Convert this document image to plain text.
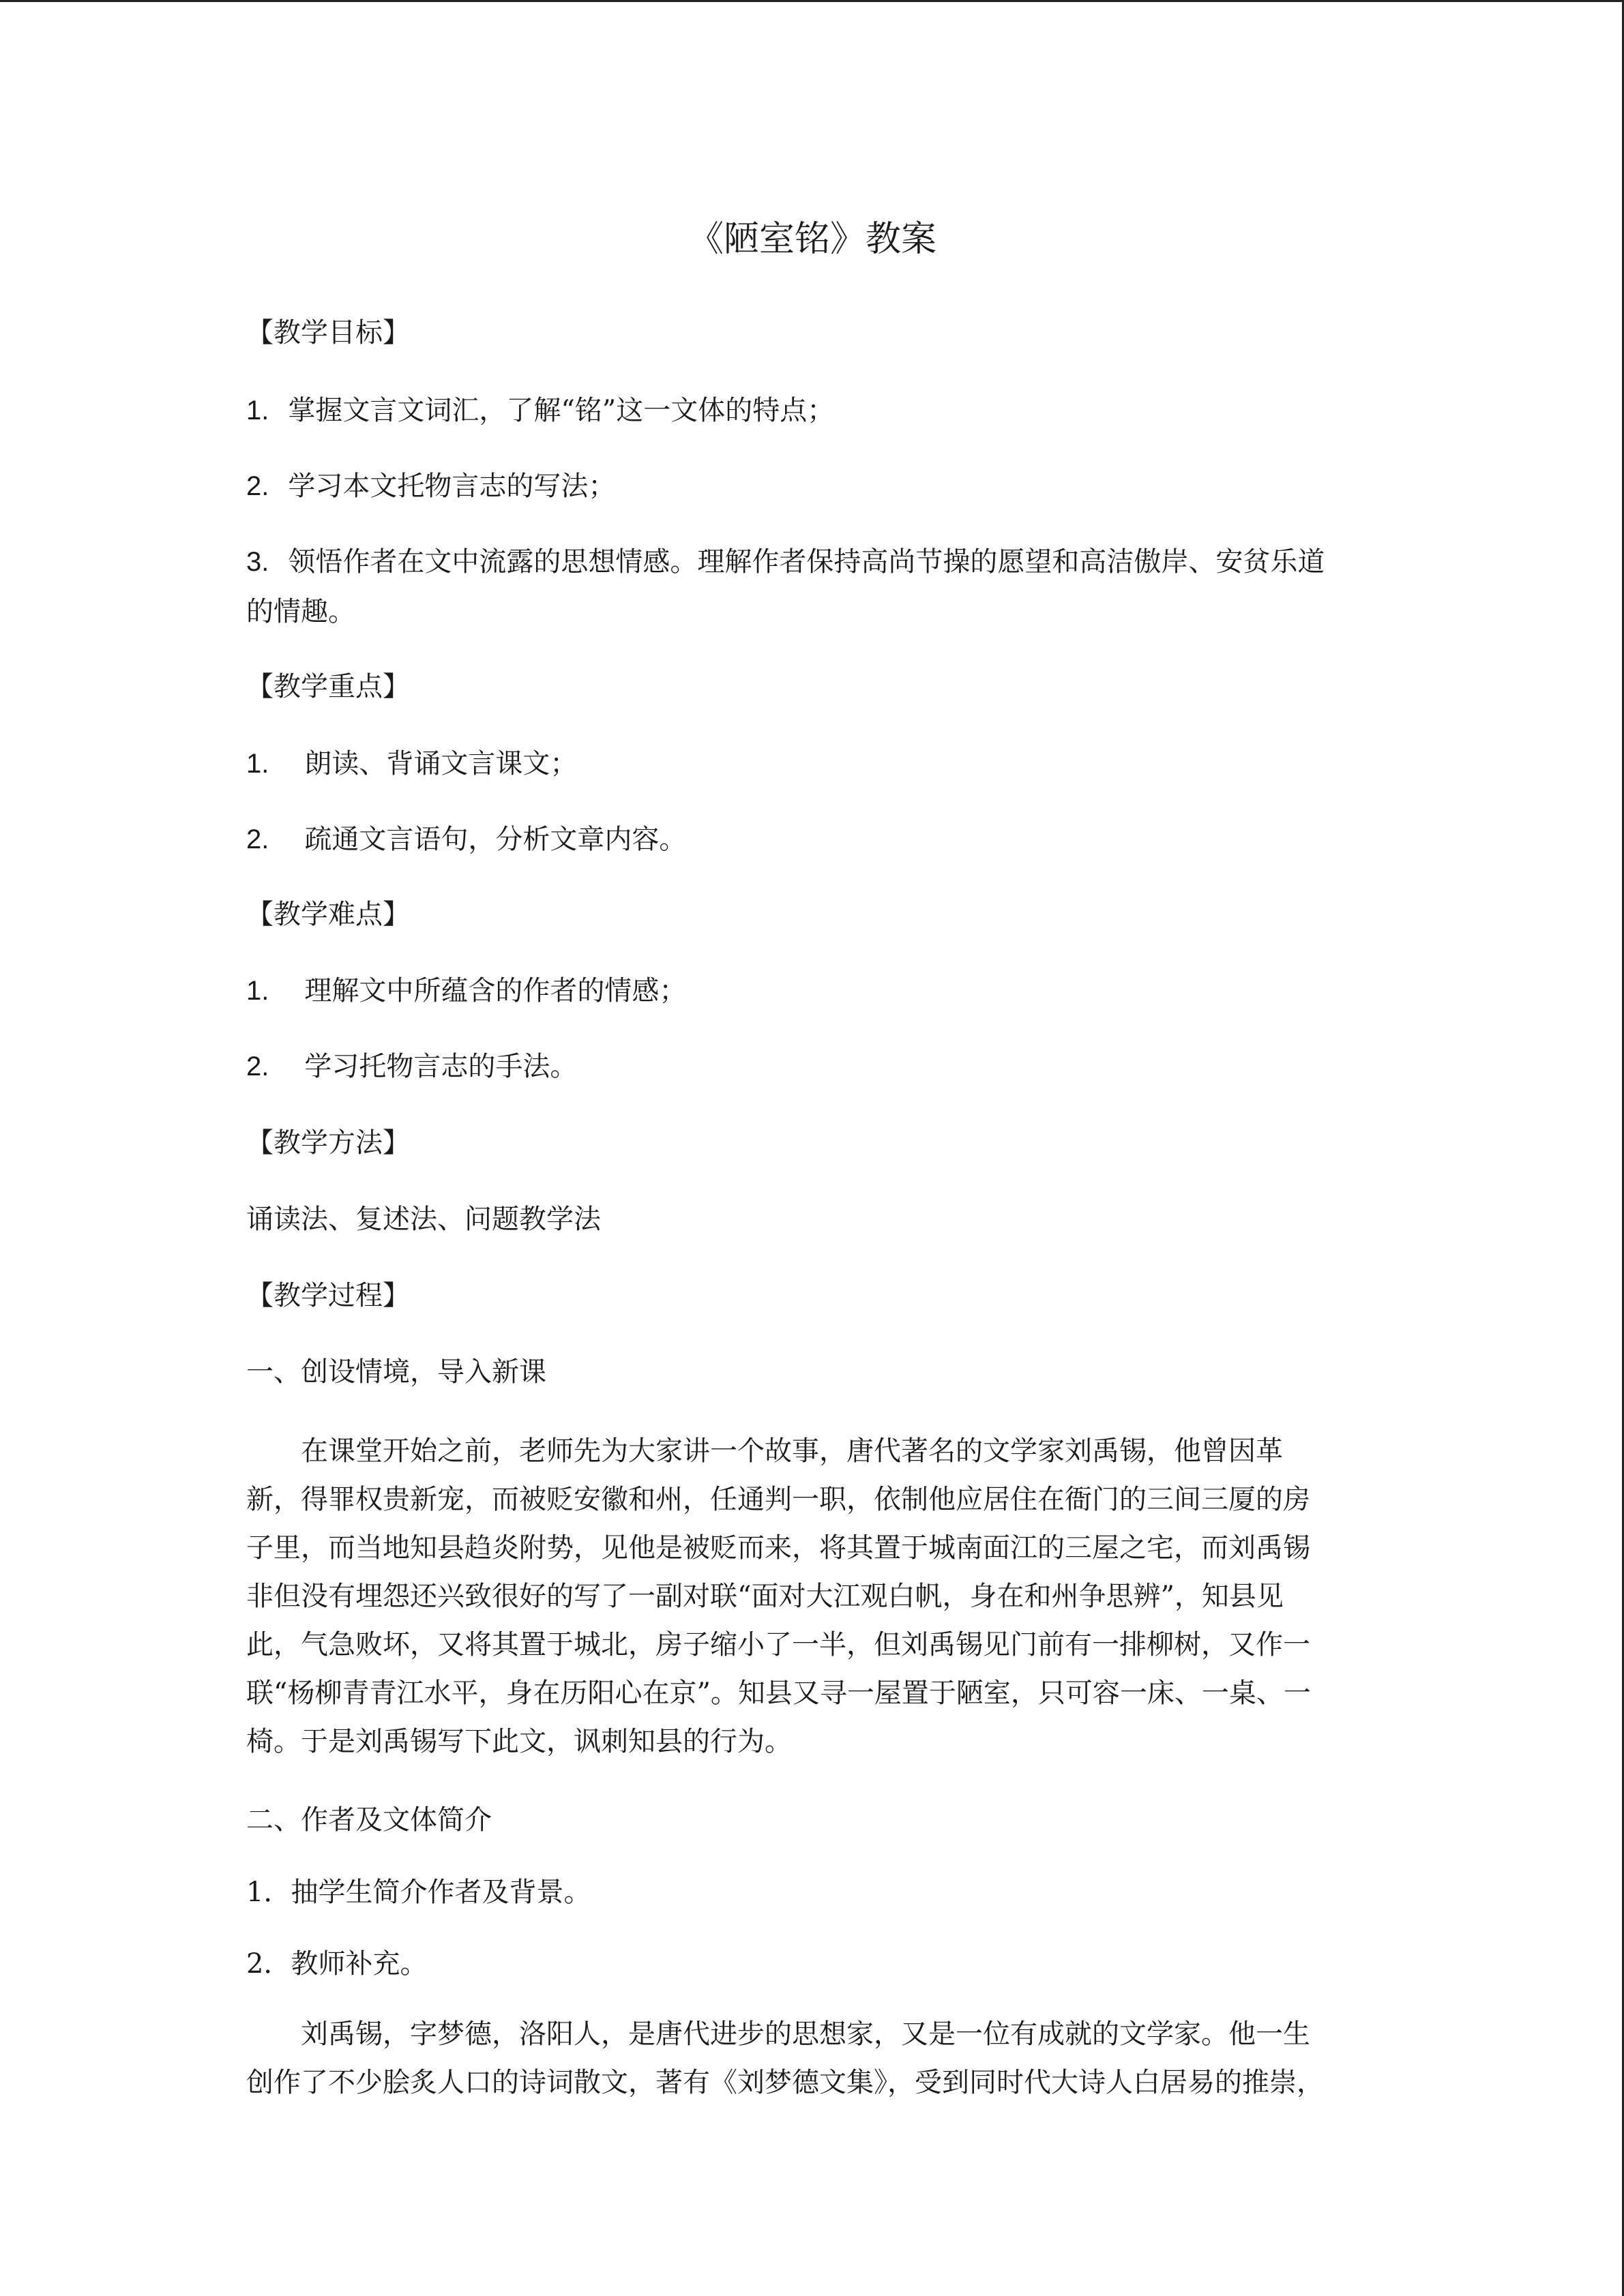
《陋室铭》教案
【教学目标】
1. 掌握文言文词汇，了解“铭”这一文体的特点；
2. 学习本文托物言志的写法；
3. 领悟作者在文中流露的思想情感。理解作者保持高尚节操的愿望和高洁傲岸、安贫乐道
的情趣。
【教学重点】
1. 朗读、背诵文言课文；
2. 疏通文言语句，分析文章内容。
【教学难点】
1. 理解文中所蕴含的作者的情感；
2. 学习托物言志的手法。
【教学方法】
诵读法、复述法、问题教学法
【教学过程】
一、创设情境，导入新课
在课堂开始之前，老师先为大家讲一个故事，唐代著名的文学家刘禹锡，他曾因革
新，得罪权贵新宠，而被贬安徽和州，任通判一职，依制他应居住在衙门的三间三厦的房
子里，而当地知县趋炎附势，见他是被贬而来，将其置于城南面江的三屋之宅，而刘禹锡
非但没有埋怨还兴致很好的写了一副对联“面对大江观白帆，身在和州争思辨”，知县见
此，气急败坏，又将其置于城北，房子缩小了一半，但刘禹锡见门前有一排柳树，又作一
联“杨柳青青江水平，身在历阳心在京”。知县又寻一屋置于陋室，只可容一床、一桌、一
椅。于是刘禹锡写下此文，讽刺知县的行为。
二、作者及文体简介
1．抽学生简介作者及背景。
2．教师补充。
刘禹锡，字梦德，洛阳人，是唐代进步的思想家，又是一位有成就的文学家。他一生
创作了不少脍炙人口的诗词散文，著有《刘梦德文集》，受到同时代大诗人白居易的推崇，
